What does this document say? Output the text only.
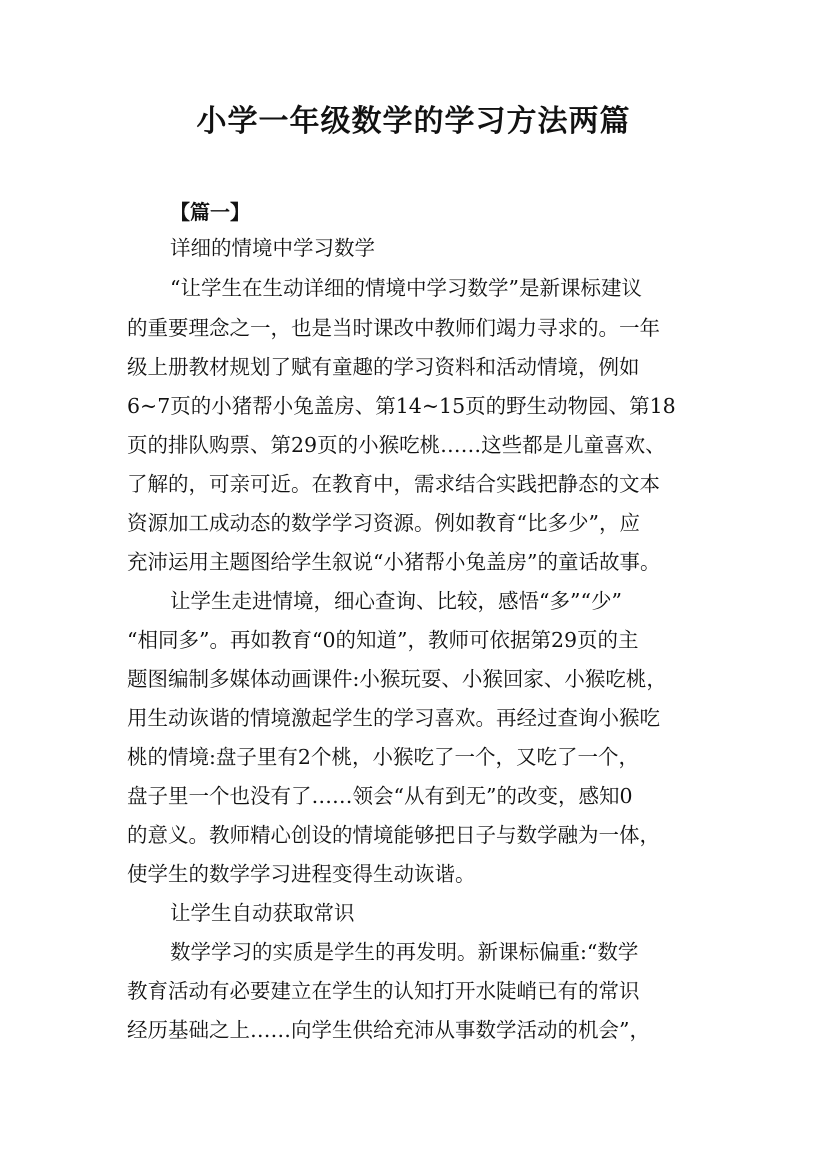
小学一年级数学的学习方法两篇
【篇一】
详细的情境中学习数学
“让学生在生动详细的情境中学习数学”是新课标建议
的重要理念之一，也是当时课改中教师们竭力寻求的。一年
级上册教材规划了赋有童趣的学习资料和活动情境，例如
6~7页的小猪帮小兔盖房、第14~15页的野生动物园、第18
页的排队购票、第29页的小猴吃桃……这些都是儿童喜欢、
了解的，可亲可近。在教育中，需求结合实践把静态的文本
资源加工成动态的数学学习资源。例如教育“比多少”，应
充沛运用主题图给学生叙说“小猪帮小兔盖房”的童话故事。
让学生走进情境，细心查询、比较，感悟“多”“少”
“相同多”。再如教育“0的知道”，教师可依据第29页的主
题图编制多媒体动画课件:小猴玩耍、小猴回家、小猴吃桃，
用生动诙谐的情境激起学生的学习喜欢。再经过查询小猴吃
桃的情境:盘子里有2个桃，小猴吃了一个，又吃了一个，
盘子里一个也没有了……领会“从有到无”的改变，感知0
的意义。教师精心创设的情境能够把日子与数学融为一体，
使学生的数学学习进程变得生动诙谐。
让学生自动获取常识
数学学习的实质是学生的再发明。新课标偏重:“数学
教育活动有必要建立在学生的认知打开水陡峭已有的常识
经历基础之上……向学生供给充沛从事数学活动的机会”，
